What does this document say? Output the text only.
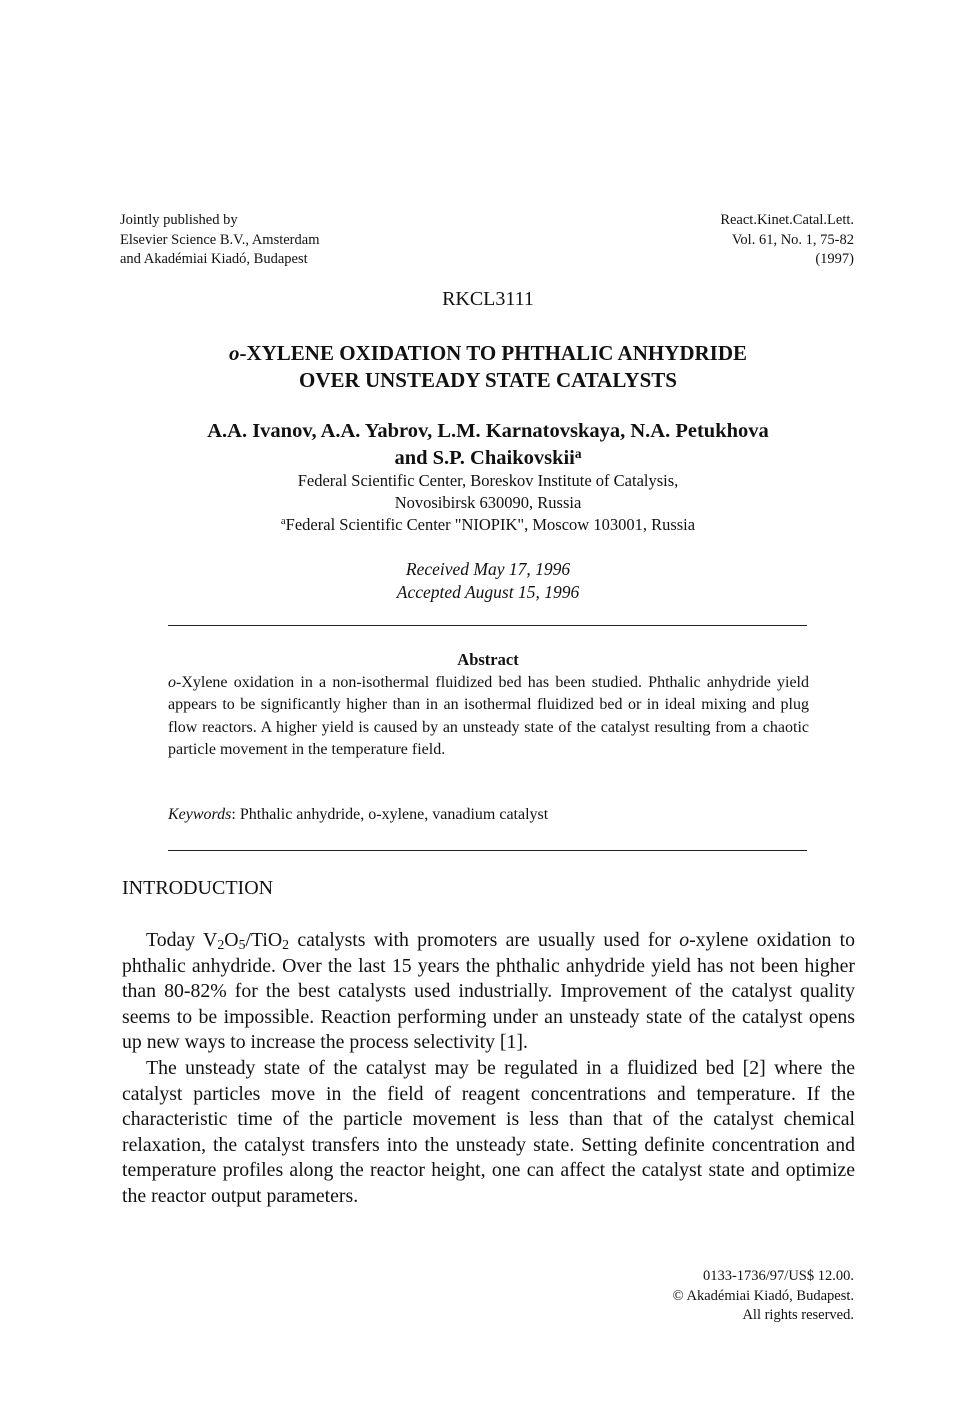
Jointly published by
Elsevier Science B.V., Amsterdam
and Akadémiai Kiadó, Budapest
React.Kinet.Catal.Lett.
Vol. 61, No. 1, 75-82
(1997)
RKCL3111
o-XYLENE OXIDATION TO PHTHALIC ANHYDRIDE
OVER UNSTEADY STATE CATALYSTS
A.A. Ivanov, A.A. Yabrov, L.M. Karnatovskaya, N.A. Petukhova
and S.P. Chaikovskii$^a$
Federal Scientific Center, Boreskov Institute of Catalysis,
Novosibirsk 630090, Russia
$^a$Federal Scientific Center "NIOPIK", Moscow 103001, Russia
Received May 17, 1996
Accepted August 15, 1996
Abstract
o-Xylene oxidation in a non-isothermal fluidized bed has been studied. Phthalic anhydride yield appears to be significantly higher than in an isothermal fluidized bed or in ideal mixing and plug flow reactors. A higher yield is caused by an unsteady state of the catalyst resulting from a chaotic particle movement in the temperature field.
Keywords: Phthalic anhydride, o-xylene, vanadium catalyst
INTRODUCTION

Today $V_2O_5/TiO_2$ catalysts with promoters are usually used for o-xylene oxidation to phthalic anhydride. Over the last 15 years the phthalic anhydride yield has not been higher than 80-82% for the best catalysts used industrially. Improvement of the catalyst quality seems to be impossible. Reaction performing under an unsteady state of the catalyst opens up new ways to increase the process selectivity [1].

The unsteady state of the catalyst may be regulated in a fluidized bed [2] where the catalyst particles move in the field of reagent concentrations and temperature. If the characteristic time of the particle movement is less than that of the catalyst chemical relaxation, the catalyst transfers into the unsteady state. Setting definite concentration and temperature profiles along the reactor height, one can affect the catalyst state and optimize the reactor output parameters.

0133-1736/97/US$ 12.00.
© Akadémiai Kiadó, Budapest.
All rights reserved.
